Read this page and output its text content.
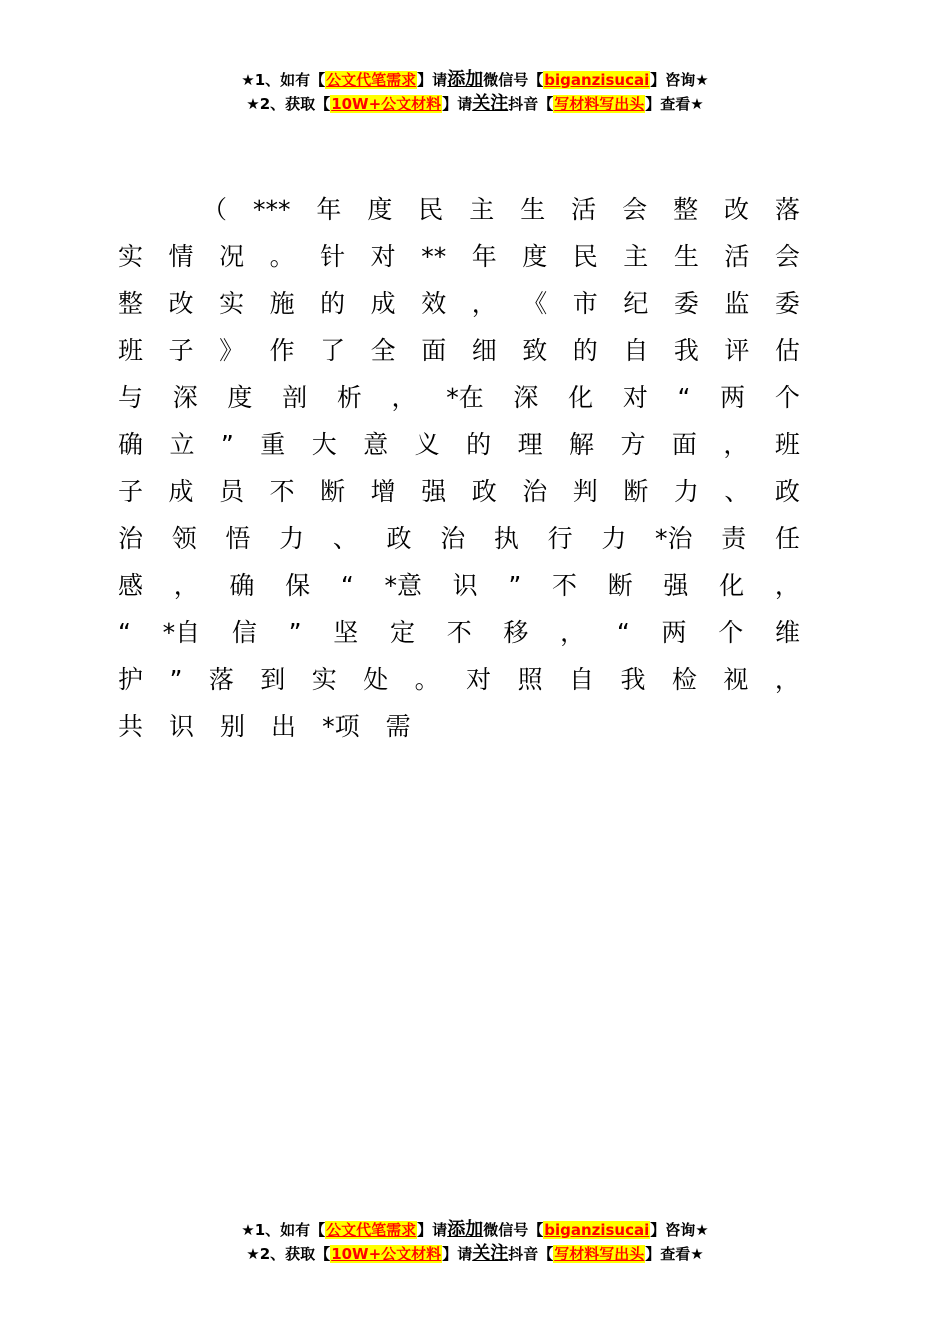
★1、如有【公文代笔需求】请添加微信号【biganzisucai】咨询★
★2、获取【10W+公文材料】请关注抖音【写材料写出头】查看★
（ *** 年 度 民 主 生 活 会 整 改 落
实 情 况 。 针 对 ** 年 度 民 主 生 活 会
整 改 实 施 的 成 效 ， 《 市 纪 委 监 委
班 子 》 作 了 全 面 细 致 的 自 我 评 估
与 深 度 剖 析 ， *在 深 化 对 “ 两 个
确 立 ” 重 大 意 义 的 理 解 方 面 ， 班
子 成 员 不 断 增 强 政 治 判 断 力 、 政
治 领 悟 力 、 政 治 执 行 力 *治 责 任
感 ， 确 保 “ *意 识 ” 不 断 强 化 ，
“ *自 信 ” 坚 定 不 移 ， “ 两 个 维
护 ” 落 到 实 处 。 对 照 自 我 检 视 ，
共 识 别 出 *项 需
★1、如有【公文代笔需求】请添加微信号【biganzisucai】咨询★
★2、获取【10W+公文材料】请关注抖音【写材料写出头】查看★
